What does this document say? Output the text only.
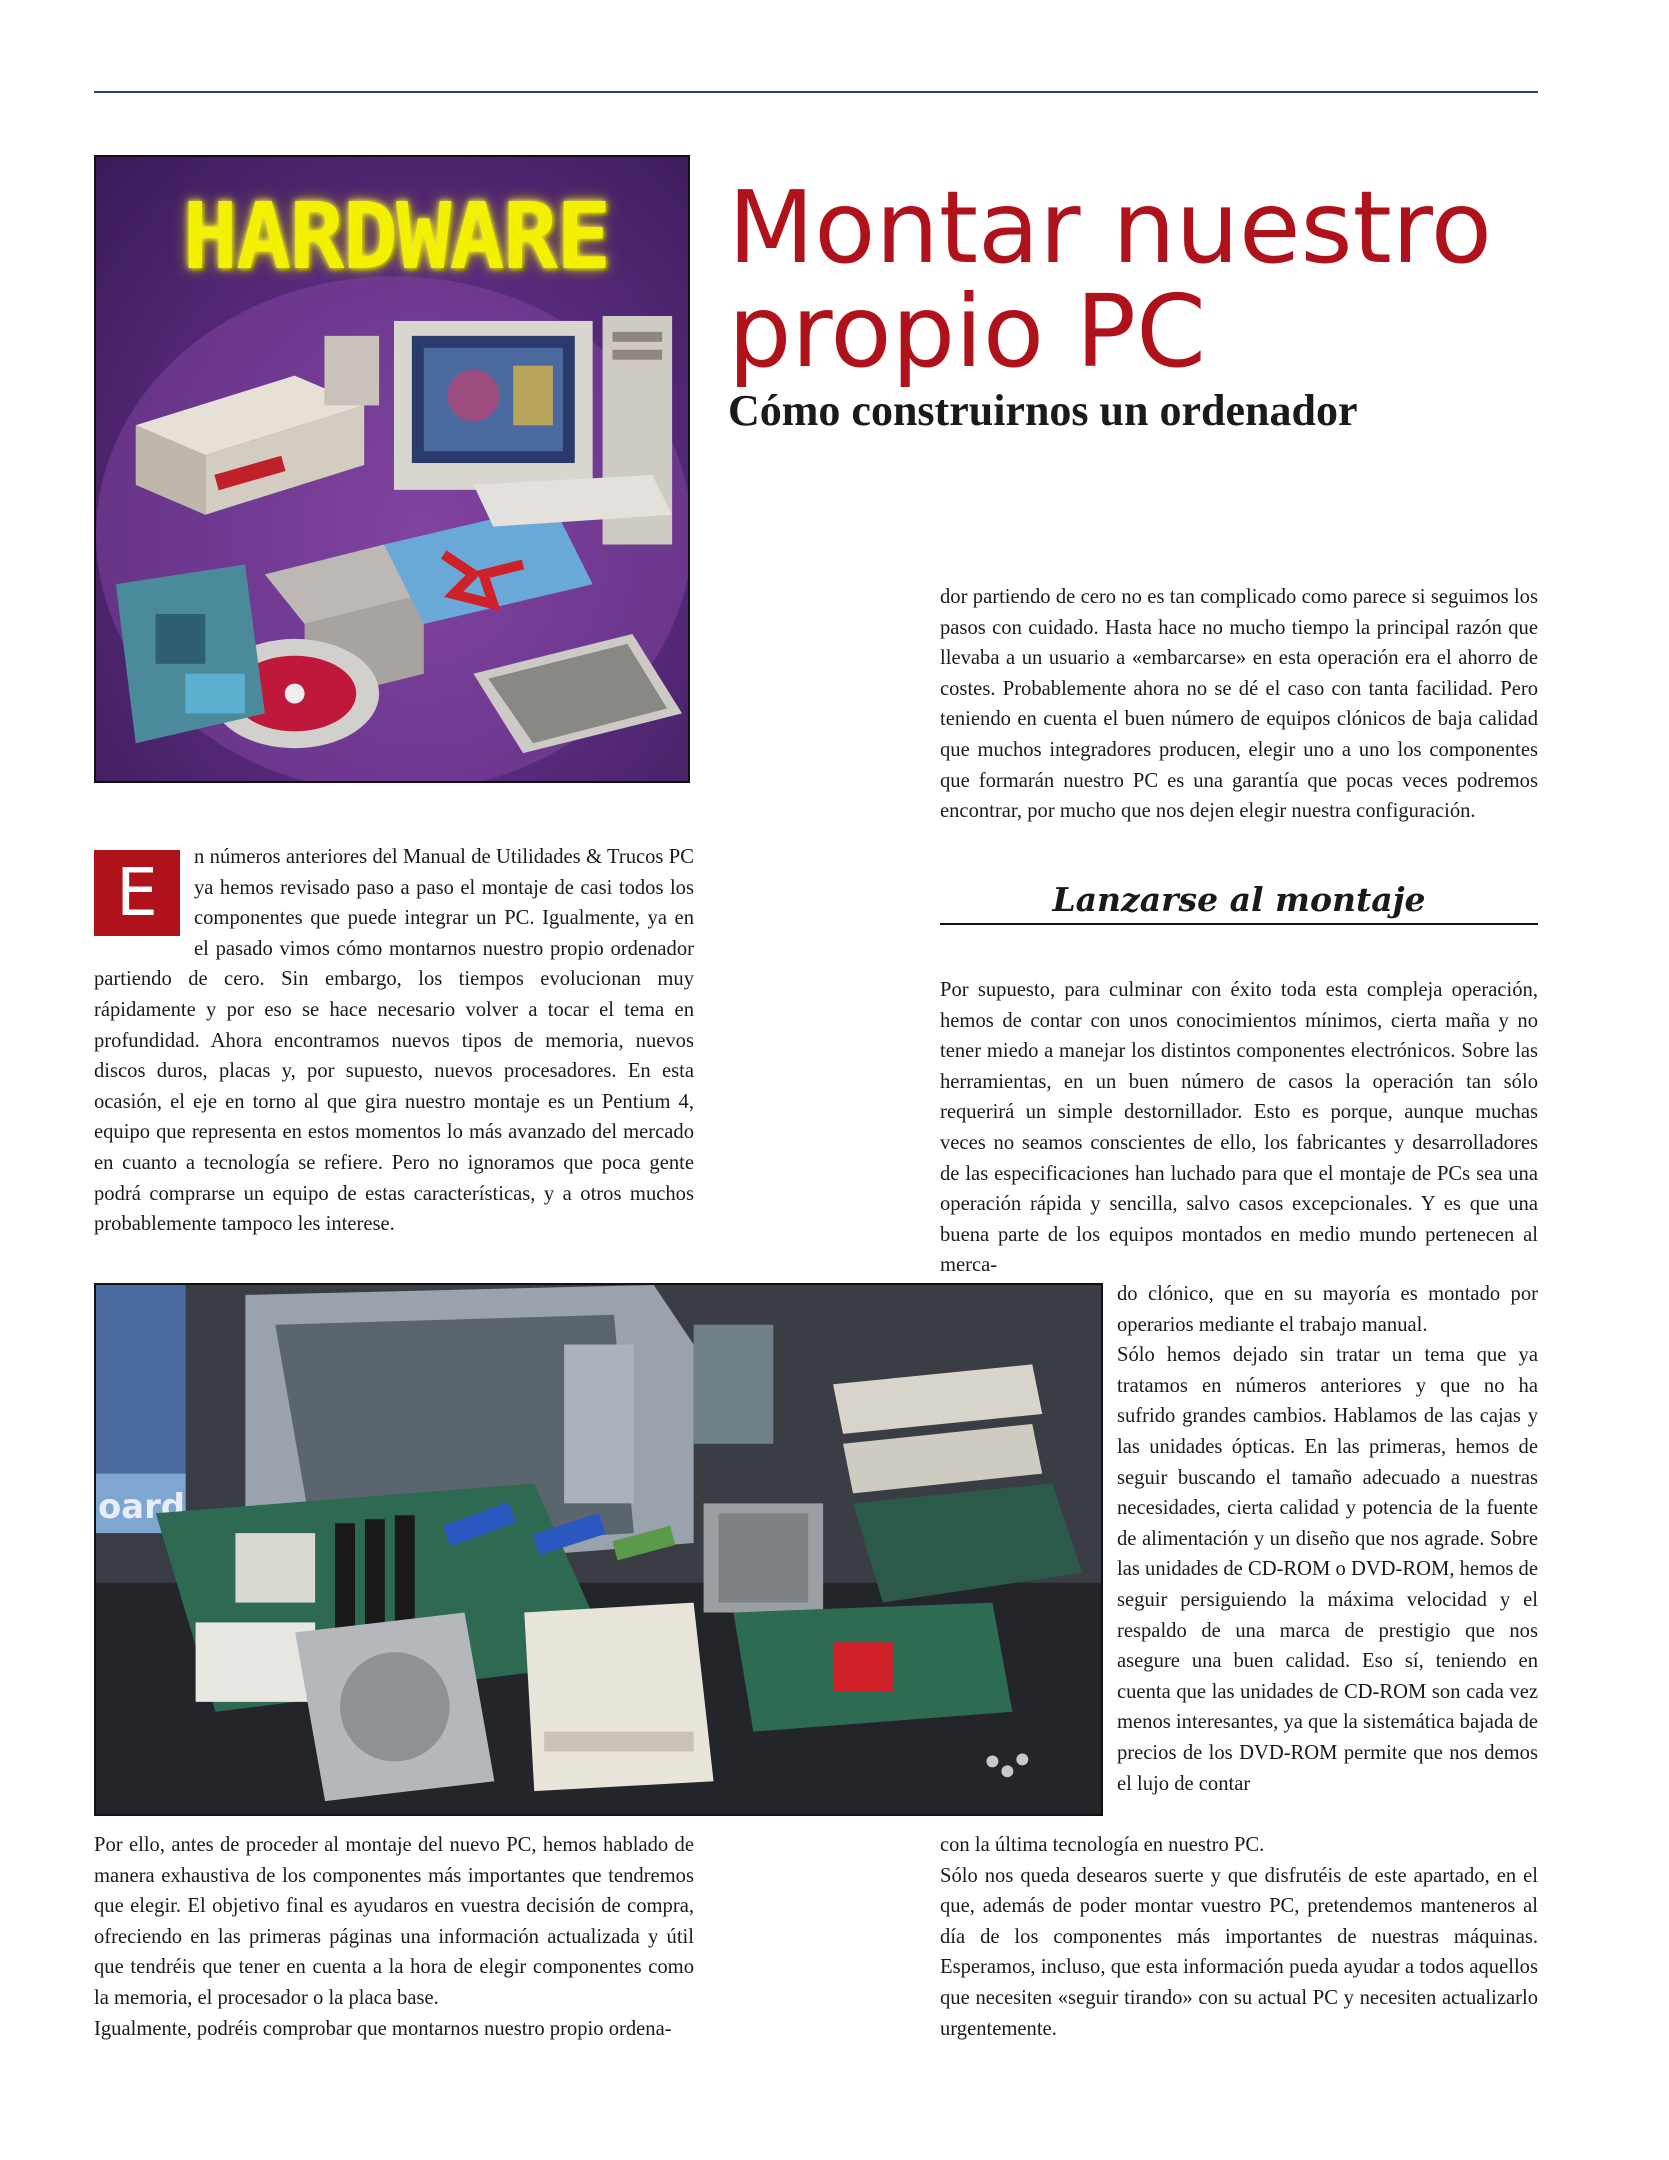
HARDWARE	Montar nuestro
propio PC
Cómo construirnos un ordenador

dor partiendo de cero no es tan complicado como parece si seguimos los pasos con cuidado. Hasta hace no mucho tiempo la principal razón que llevaba a un usuario a «embarcarse» en esta operación era el ahorro de costes. Probablemente ahora no se dé el caso con tanta facilidad. Pero teniendo en cuenta el buen número de equipos clónicos de baja calidad que muchos integradores producen, elegir uno a uno los componentes que formarán nuestro PC es una garantía que pocas veces podremos encontrar, por mucho que nos dejen elegir nuestra configuración.

Lanzarse al montaje
E	n números anteriores del Manual de Utilidades & Trucos PC ya hemos revisado paso a paso el montaje de casi todos los componentes que puede integrar un PC. Igualmente, ya en el pasado vimos cómo montarnos nuestro propio ordenador partiendo de cero. Sin embargo, los tiempos evolucionan muy rápidamente y por eso se hace necesario volver a tocar el tema en profundidad. Ahora encontramos nuevos tipos de memoria, nuevos discos duros, placas y, por supuesto, nuevos procesadores. En esta ocasión, el eje en torno al que gira nuestro montaje es un Pentium 4, equipo que representa en estos momentos lo más avanzado del mercado en cuanto a tecnología se refiere. Pero no ignoramos que poca gente podrá comprarse un equipo de estas características, y a otros muchos probablemente tampoco les interese.

Por supuesto, para culminar con éxito toda esta compleja operación, hemos de contar con unos conocimientos mínimos, cierta maña y no tener miedo a manejar los distintos componentes electrónicos. Sobre las herramientas, en un buen número de casos la operación tan sólo requerirá un simple destornillador. Esto es porque, aunque muchas veces no seamos conscientes de ello, los fabricantes y desarrolladores de las especificaciones han luchado para que el montaje de PCs sea una operación rápida y sencilla, salvo casos excepcionales. Y es que una buena parte de los equipos montados en medio mundo pertenecen al merca-

oard

do clónico, que en su mayoría es montado por operarios mediante el trabajo manual.

Sólo hemos dejado sin tratar un tema que ya tratamos en números anteriores y que no ha sufrido grandes cambios. Hablamos de las cajas y las unidades ópticas. En las primeras, hemos de seguir buscando el tamaño adecuado a nuestras necesidades, cierta calidad y potencia de la fuente de alimentación y un diseño que nos agrade. Sobre las unidades de CD-ROM o DVD-ROM, hemos de seguir persiguiendo la máxima velocidad y el respaldo de una marca de prestigio que nos asegure una buen calidad. Eso sí, teniendo en cuenta que las unidades de CD-ROM son cada vez menos interesantes, ya que la sistemática bajada de precios de los DVD-ROM permite que nos demos el lujo de contar

Por ello, antes de proceder al montaje del nuevo PC, hemos hablado de manera exhaustiva de los componentes más importantes que tendremos que elegir. El objetivo final es ayudaros en vuestra decisión de compra, ofreciendo en las primeras páginas una información actualizada y útil que tendréis que tener en cuenta a la hora de elegir componentes como la memoria, el procesador o la placa base.

Igualmente, podréis comprobar que montarnos nuestro propio ordena-

con la última tecnología en nuestro PC.

Sólo nos queda desearos suerte y que disfrutéis de este apartado, en el que, además de poder montar vuestro PC, pretendemos manteneros al día de los componentes más importantes de nuestras máquinas. Esperamos, incluso, que esta información pueda ayudar a todos aquellos que necesiten «seguir tirando» con su actual PC y necesiten actualizarlo urgentemente.
